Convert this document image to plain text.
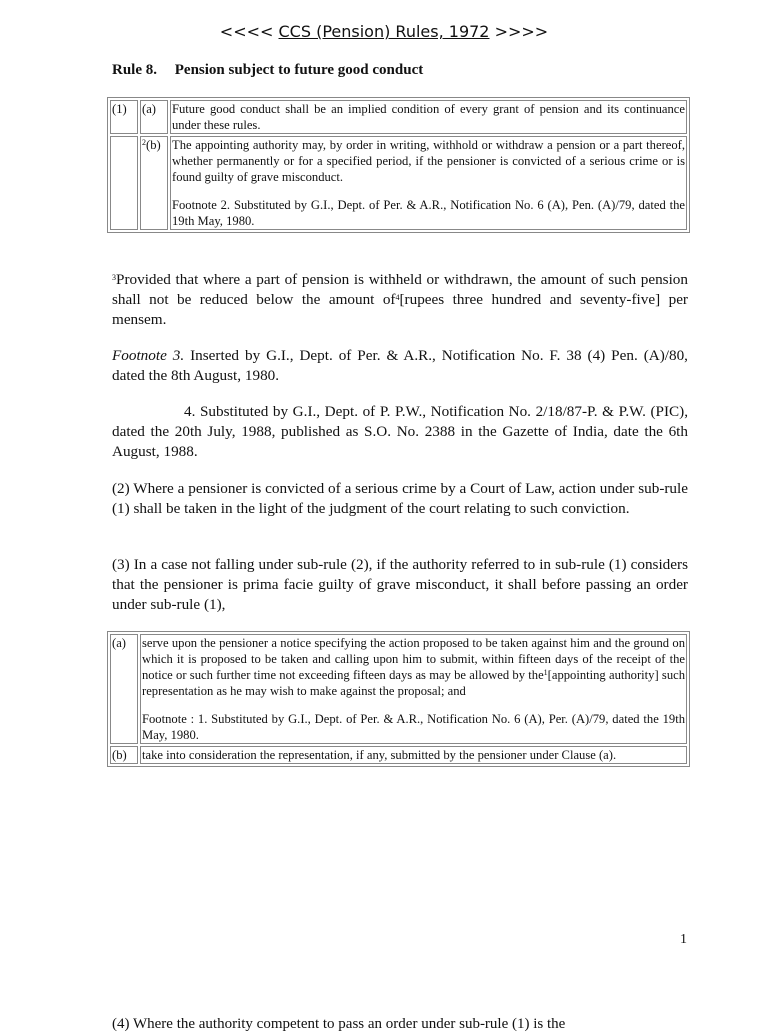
<<<< CCS (Pension) Rules, 1972 >>>>
Rule 8. Pension subject to future good conduct
(1)	(a)	Future good conduct shall be an implied condition of every grant of pension and its continuance under these rules.
	$^2$(b)	The appointing authority may, by order in writing, withhold or withdraw a pension or a part thereof, whether permanently or for a specified period, if the pensioner is convicted of a serious crime or is found guilty of grave misconduct.
Footnote 2. Substituted by G.I., Dept. of Per. & A.R., Notification No. 6 (A), Pen. (A)/79, dated the 19th May, 1980.
$^3$Provided that where a part of pension is withheld or withdrawn, the amount of such pension shall not be reduced below the amount $of^4[rupees$ three hundred and seventy-five] per mensem.
Footnote 3. Inserted by G.I., Dept. of Per. & A.R., Notification No. F. 38 (4) Pen. (A)/80, dated the 8th August, 1980.
4. Substituted by G.I., Dept. of P. P.W., Notification No. 2/18/87-P. & P.W. (PIC), dated the 20th July, 1988, published as S.O. No. 2388 in the Gazette of India, date the 6th August, 1988.
(2) Where a pensioner is convicted of a serious crime by a Court of Law, action under sub-rule (1) shall be taken in the light of the judgment of the court relating to such conviction.
(3) In a case not falling under sub-rule (2), if the authority referred to in sub-rule (1) considers that the pensioner is prima facie guilty of grave misconduct, it shall before passing an order under sub-rule (1),
(a)	serve upon the pensioner a notice specifying the action proposed to be taken against him and the ground on which it is proposed to be taken and calling upon him to submit, within fifteen days of the receipt of the notice or such further time not exceeding fifteen days as may be allowed by the$^1$[appointing authority] such representation as he may wish to make against the proposal; and
Footnote : 1. Substituted by G.I., Dept. of Per. & A.R., Notification No. 6 (A), Per. (A)/79, dated the 19th May, 1980.

(b)	take into consideration the representation, if any, submitted by the pensioner under Clause (a).
1
(4) Where the authority competent to pass an order under sub-rule (1) is the
